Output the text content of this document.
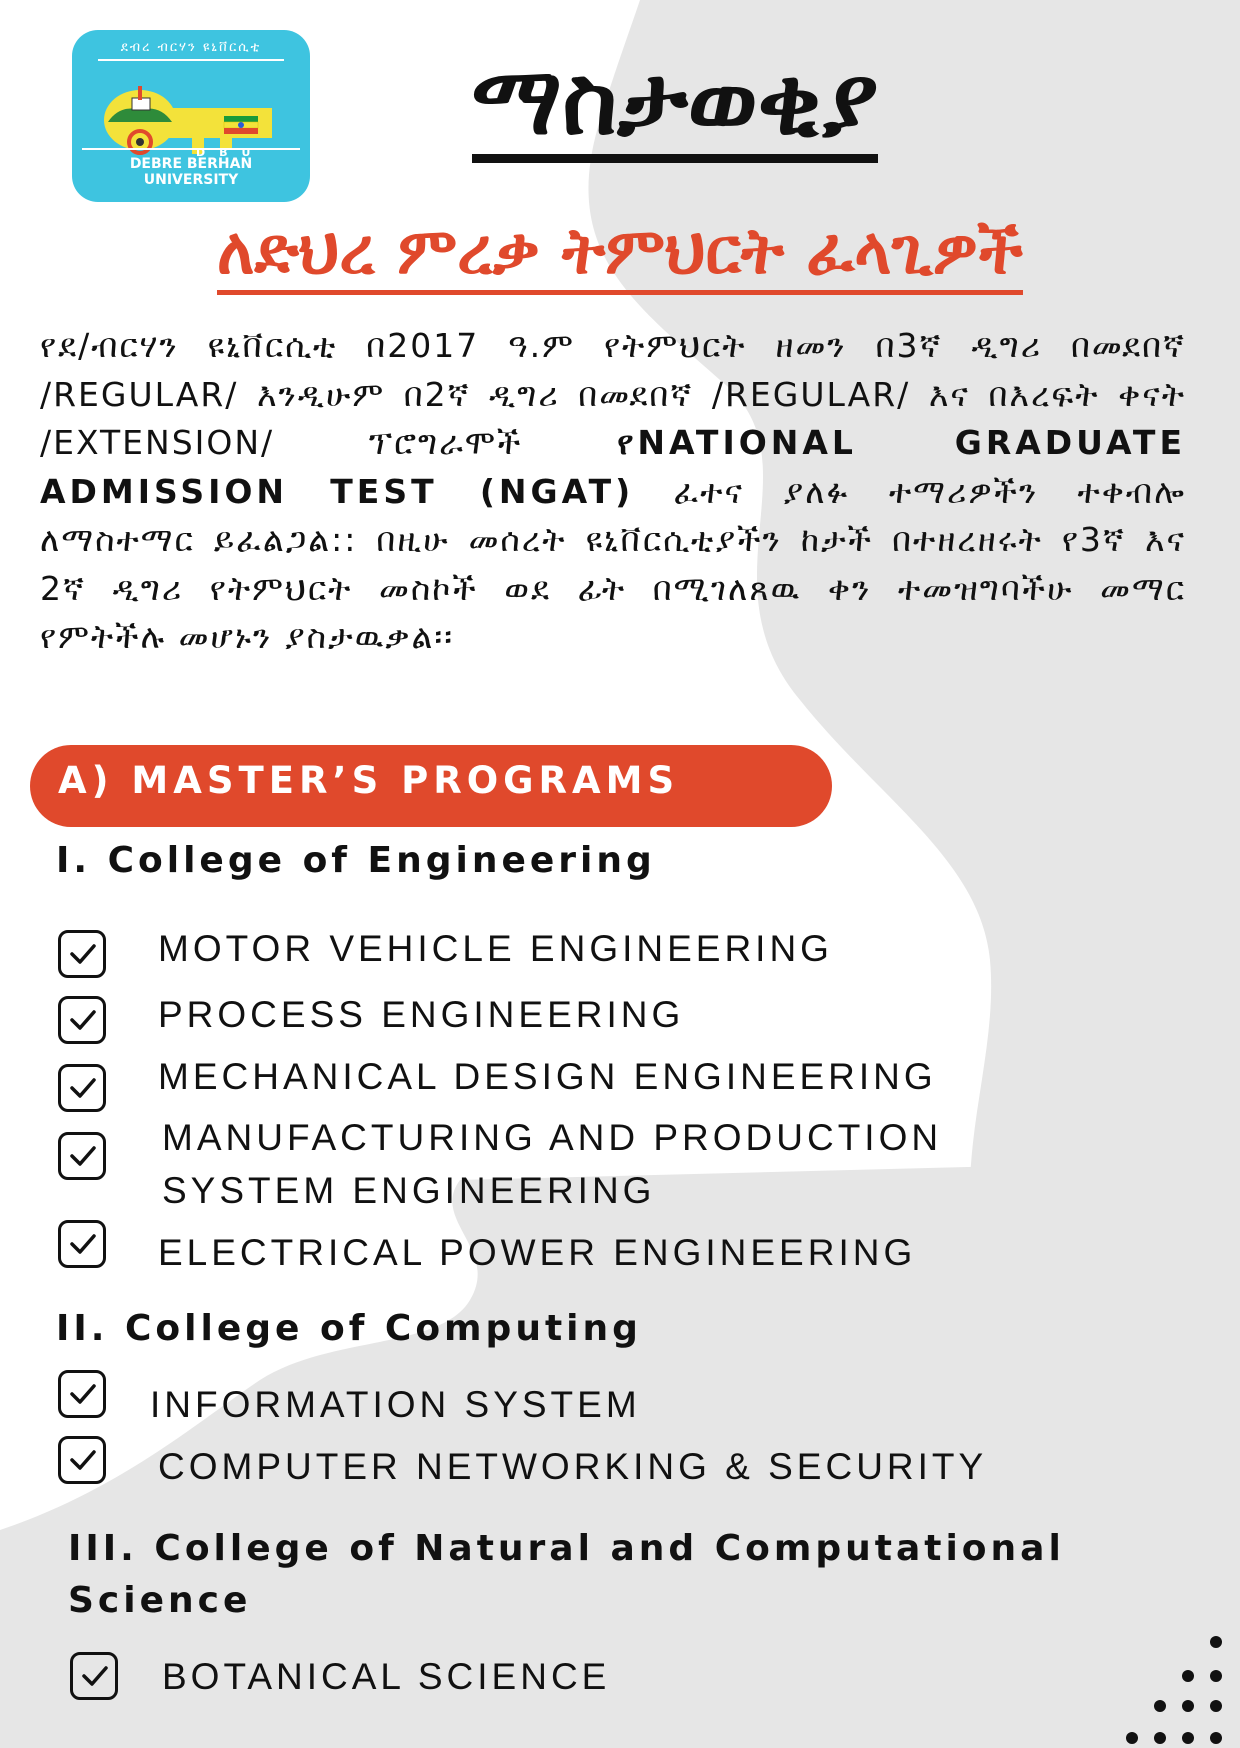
ደብረ ብርሃን ዩኒቨርሲቲ
DBU
DEBRE BERHAN UNIVERSITY
ማስታወቂያ
ለድህረ ምረቃ ትምህርት ፈላጊዎች
የደ/ብርሃን ዩኒቨርሲቲ በ2017 ዓ.ም የትምህርት ዘመን በ3ኛ ዲግሪ በመደበኛ /REGULAR/ እንዲሁም በ2ኛ ዲግሪ በመደበኛ /REGULAR/ እና በእረፍት ቀናት /EXTENSION/ ፕሮግራሞች የNATIONAL GRADUATE ADMISSION TEST (NGAT) ፈተና ያለፉ ተማሪዎችን ተቀብሎ ለማስተማር ይፈልጋል:: በዚሁ መሰረት ዩኒቨርሲቲያችን ከታች በተዘረዘሩት የ3ኛ እና 2ኛ ዲግሪ የትምህርት መስኮች ወደ ፊት በሚገለጸዉ ቀን ተመዝግባችሁ መማር የምትችሉ መሆኑን ያስታዉቃል፡፡
A) MASTER’S PROGRAMS
I. College of Engineering
MOTOR VEHICLE ENGINEERING
PROCESS ENGINEERING
MECHANICAL DESIGN ENGINEERING
MANUFACTURING AND PRODUCTION
SYSTEM ENGINEERING
ELECTRICAL POWER ENGINEERING
II. College of Computing
INFORMATION SYSTEM
COMPUTER NETWORKING & SECURITY
III. College of Natural and Computational
Science
BOTANICAL SCIENCE
